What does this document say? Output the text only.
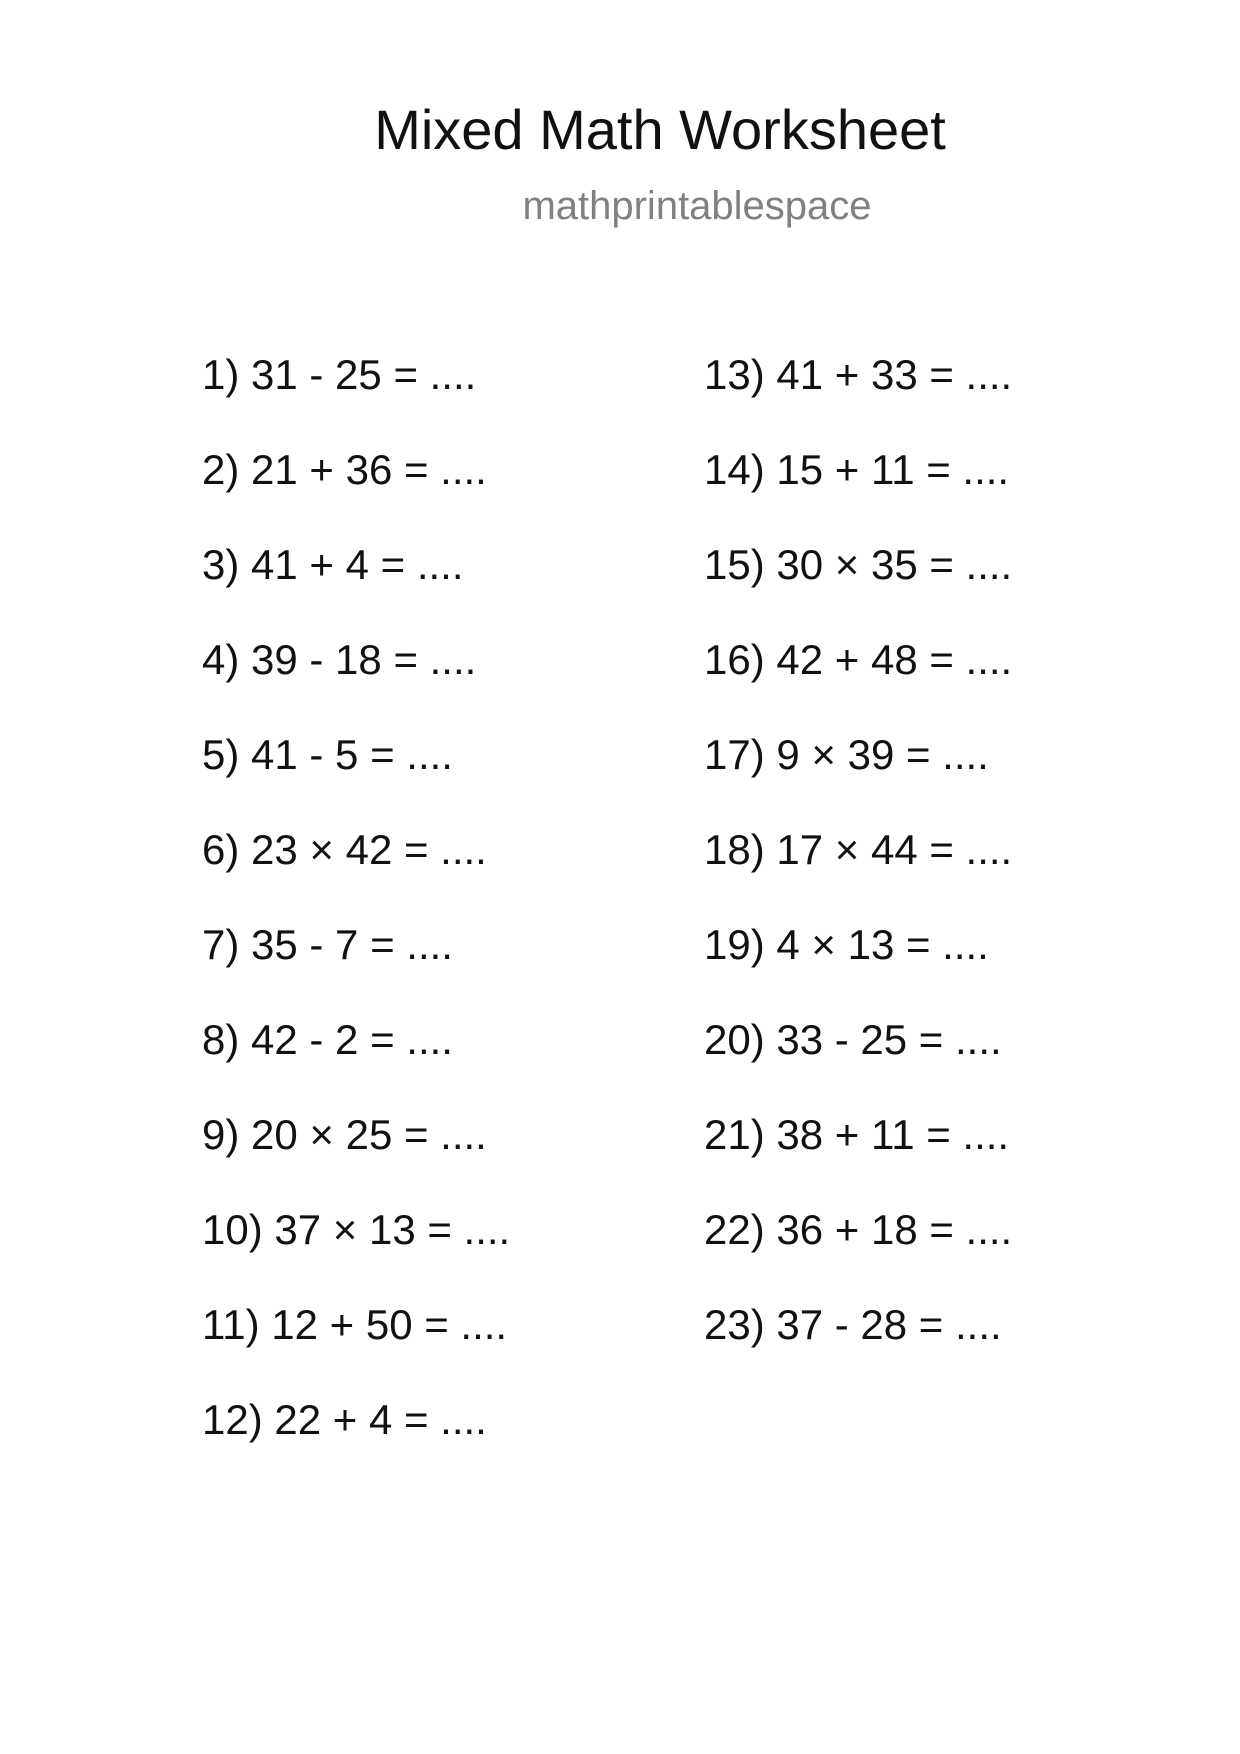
Mixed Math Worksheet
mathprintablespace
1) 31 - 25 = ....
2) 21 + 36 = ....
3) 41 + 4 = ....
4) 39 - 18 = ....
5) 41 - 5 = ....
6) 23 × 42 = ....
7) 35 - 7 = ....
8) 42 - 2 = ....
9) 20 × 25 = ....
10) 37 × 13 = ....
11) 12 + 50 = ....
12) 22 + 4 = ....
13) 41 + 33 = ....
14) 15 + 11 = ....
15) 30 × 35 = ....
16) 42 + 48 = ....
17) 9 × 39 = ....
18) 17 × 44 = ....
19) 4 × 13 = ....
20) 33 - 25 = ....
21) 38 + 11 = ....
22) 36 + 18 = ....
23) 37 - 28 = ....
